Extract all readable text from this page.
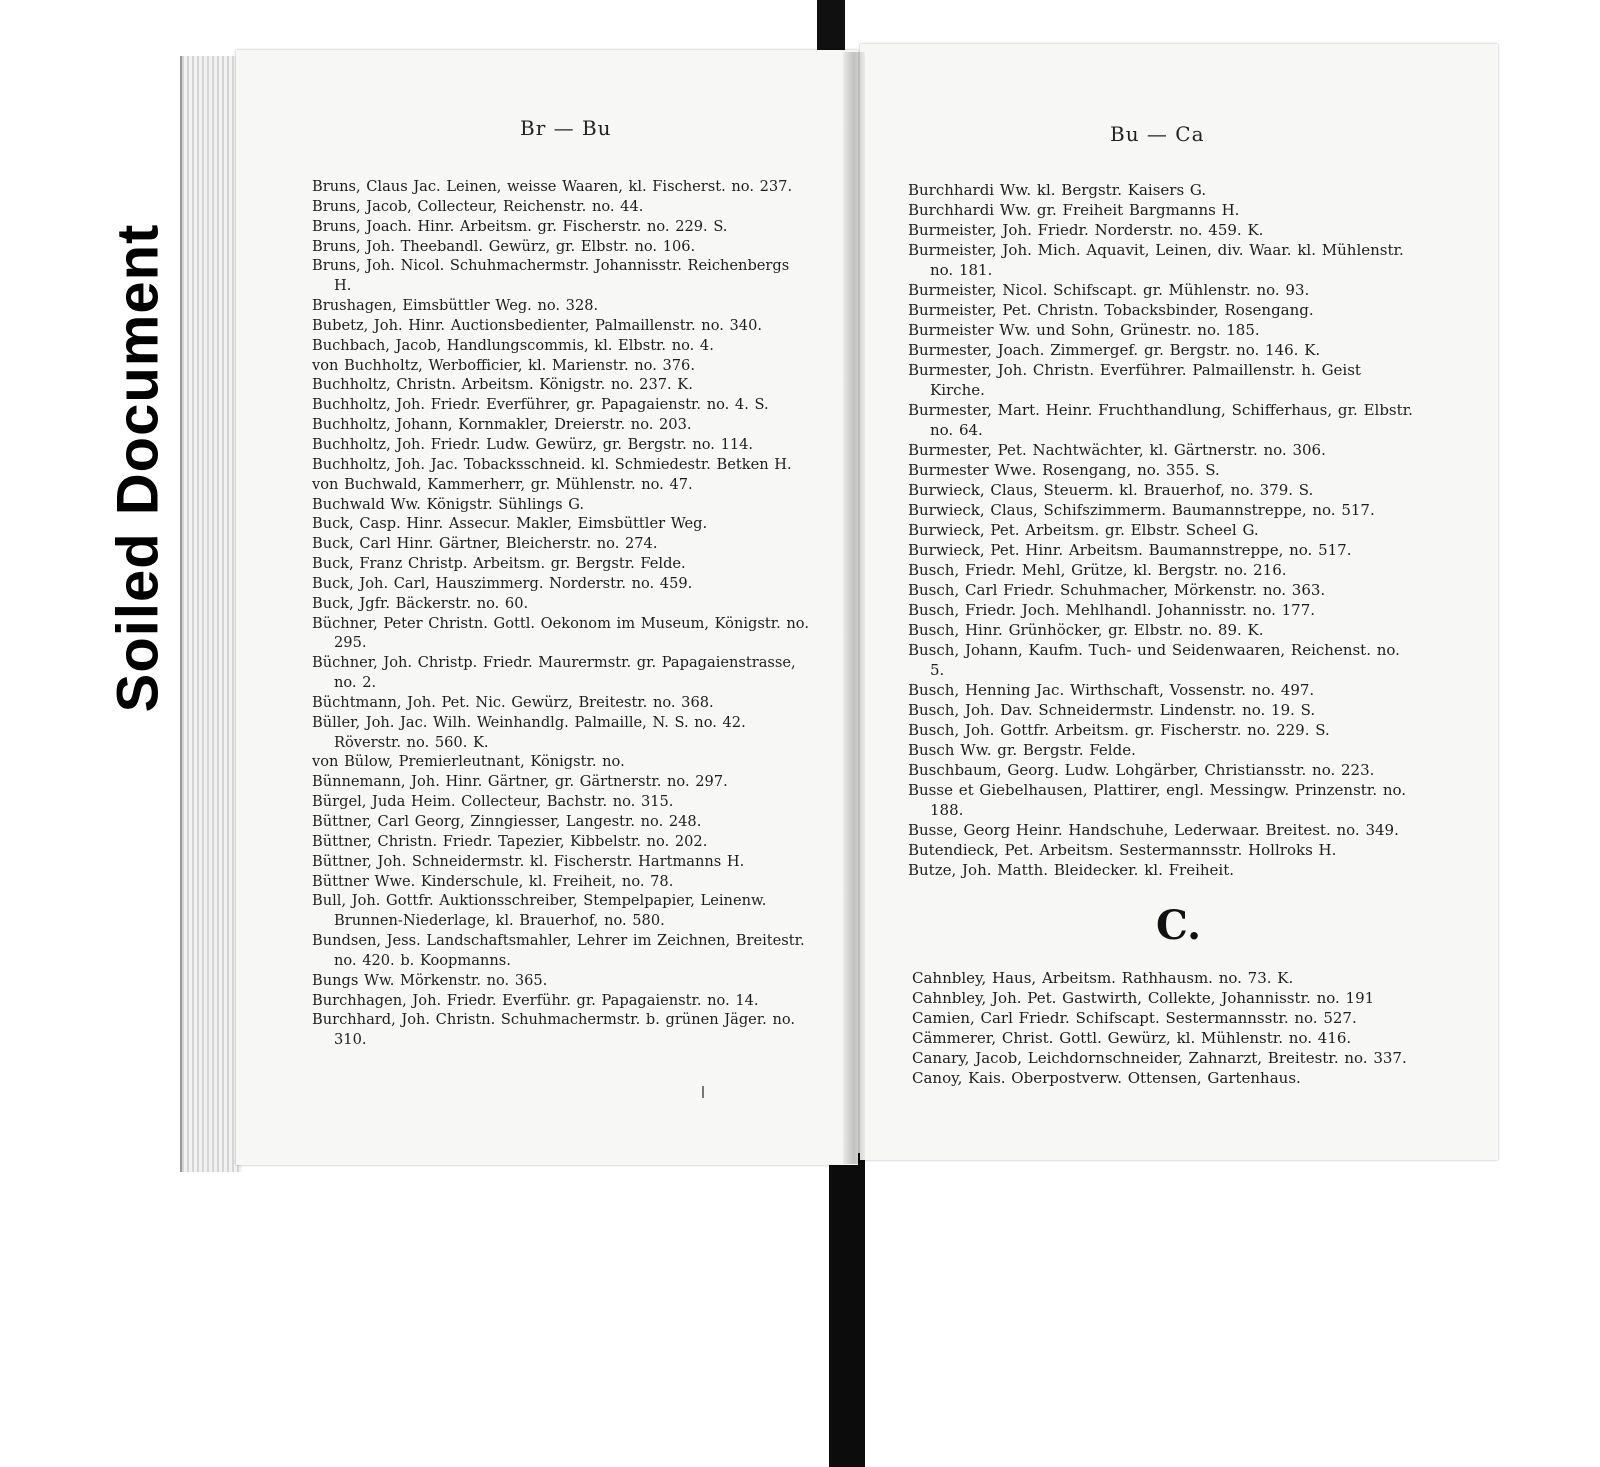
Soiled Document
Br — Bu
Bruns, Claus Jac. Leinen, weisse Waaren, kl. Fischerst. no. 237.
Bruns, Jacob, Collecteur, Reichenstr. no. 44.
Bruns, Joach. Hinr. Arbeitsm. gr. Fischerstr. no. 229. S.
Bruns, Joh. Theebandl. Gewürz, gr. Elbstr. no. 106.
Bruns, Joh. Nicol. Schuhmachermstr. Johannisstr. Reichenbergs H.
Brushagen, Eimsbüttler Weg. no. 328.
Bubetz, Joh. Hinr. Auctionsbedienter, Palmaillenstr. no. 340.
Buchbach, Jacob, Handlungscommis, kl. Elbstr. no. 4.
von Buchholtz, Werbofficier, kl. Marienstr. no. 376.
Buchholtz, Christn. Arbeitsm. Königstr. no. 237. K.
Buchholtz, Joh. Friedr. Everführer, gr. Papagaienstr. no. 4. S.
Buchholtz, Johann, Kornmakler, Dreierstr. no. 203.
Buchholtz, Joh. Friedr. Ludw. Gewürz, gr. Bergstr. no. 114.
Buchholtz, Joh. Jac. Tobacksschneid. kl. Schmiedestr. Betken H.
von Buchwald, Kammerherr, gr. Mühlenstr. no. 47.
Buchwald Ww. Königstr. Sühlings G.
Buck, Casp. Hinr. Assecur. Makler, Eimsbüttler Weg.
Buck, Carl Hinr. Gärtner, Bleicherstr. no. 274.
Buck, Franz Christp. Arbeitsm. gr. Bergstr. Felde.
Buck, Joh. Carl, Hauszimmerg. Norderstr. no. 459.
Buck, Jgfr. Bäckerstr. no. 60.
Büchner, Peter Christn. Gottl. Oekonom im Museum, Königstr. no. 295.
Büchner, Joh. Christp. Friedr. Maurermstr. gr. Papagaienstrasse, no. 2.
Büchtmann, Joh. Pet. Nic. Gewürz, Breitestr. no. 368.
Büller, Joh. Jac. Wilh. Weinhandlg. Palmaille, N. S. no. 42. Röverstr. no. 560. K.
von Bülow, Premierleutnant, Königstr. no.
Bünnemann, Joh. Hinr. Gärtner, gr. Gärtnerstr. no. 297.
Bürgel, Juda Heim. Collecteur, Bachstr. no. 315.
Büttner, Carl Georg, Zinngiesser, Langestr. no. 248.
Büttner, Christn. Friedr. Tapezier, Kibbelstr. no. 202.
Büttner, Joh. Schneidermstr. kl. Fischerstr. Hartmanns H.
Büttner Wwe. Kinderschule, kl. Freiheit, no. 78.
Bull, Joh. Gottfr. Auktionsschreiber, Stempelpapier, Leinenw. Brunnen-Niederlage, kl. Brauerhof, no. 580.
Bundsen, Jess. Landschaftsmahler, Lehrer im Zeichnen, Breitestr. no. 420. b. Koopmanns.
Bungs Ww. Mörkenstr. no. 365.
Burchhagen, Joh. Friedr. Everführ. gr. Papagaienstr. no. 14.
Burchhard, Joh. Christn. Schuhmachermstr. b. grünen Jäger. no. 310.
Bu — Ca
Burchhardi Ww. kl. Bergstr. Kaisers G.
Burchhardi Ww. gr. Freiheit Bargmanns H.
Burmeister, Joh. Friedr. Norderstr. no. 459. K.
Burmeister, Joh. Mich. Aquavit, Leinen, div. Waar. kl. Mühlenstr. no. 181.
Burmeister, Nicol. Schifscapt. gr. Mühlenstr. no. 93.
Burmeister, Pet. Christn. Tobacksbinder, Rosengang.
Burmeister Ww. und Sohn, Grünestr. no. 185.
Burmester, Joach. Zimmergef. gr. Bergstr. no. 146. K.
Burmester, Joh. Christn. Everführer. Palmaillenstr. h. Geist Kirche.
Burmester, Mart. Heinr. Fruchthandlung, Schifferhaus, gr. Elbstr. no. 64.
Burmester, Pet. Nachtwächter, kl. Gärtnerstr. no. 306.
Burmester Wwe. Rosengang, no. 355. S.
Burwieck, Claus, Steuerm. kl. Brauerhof, no. 379. S.
Burwieck, Claus, Schifszimmerm. Baumannstreppe, no. 517.
Burwieck, Pet. Arbeitsm. gr. Elbstr. Scheel G.
Burwieck, Pet. Hinr. Arbeitsm. Baumannstreppe, no. 517.
Busch, Friedr. Mehl, Grütze, kl. Bergstr. no. 216.
Busch, Carl Friedr. Schuhmacher, Mörkenstr. no. 363.
Busch, Friedr. Joch. Mehlhandl. Johannisstr. no. 177.
Busch, Hinr. Grünhöcker, gr. Elbstr. no. 89. K.
Busch, Johann, Kaufm. Tuch- und Seidenwaaren, Reichenst. no. 5.
Busch, Henning Jac. Wirthschaft, Vossenstr. no. 497.
Busch, Joh. Dav. Schneidermstr. Lindenstr. no. 19. S.
Busch, Joh. Gottfr. Arbeitsm. gr. Fischerstr. no. 229. S.
Busch Ww. gr. Bergstr. Felde.
Buschbaum, Georg. Ludw. Lohgärber, Christiansstr. no. 223.
Busse et Giebelhausen, Plattirer, engl. Messingw. Prinzenstr. no. 188.
Busse, Georg Heinr. Handschuhe, Lederwaar. Breitest. no. 349.
Butendieck, Pet. Arbeitsm. Sestermannsstr. Hollroks H.
Butze, Joh. Matth. Bleidecker. kl. Freiheit.
C.
Cahnbley, Haus, Arbeitsm. Rathhausm. no. 73. K.
Cahnbley, Joh. Pet. Gastwirth, Collekte, Johannisstr. no. 191
Camien, Carl Friedr. Schifscapt. Sestermannsstr. no. 527.
Cämmerer, Christ. Gottl. Gewürz, kl. Mühlenstr. no. 416.
Canary, Jacob, Leichdornschneider, Zahnarzt, Breitestr. no. 337.
Canoy, Kais. Oberpostverw. Ottensen, Gartenhaus.
